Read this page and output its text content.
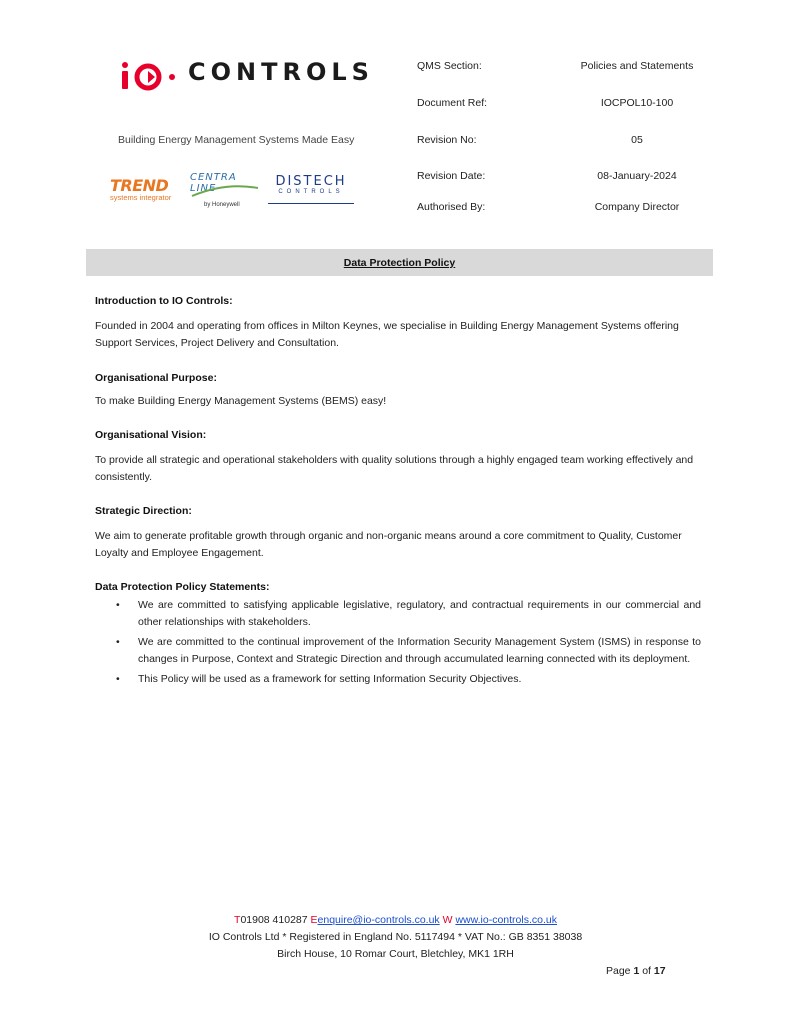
CONTROLS
Building Energy Management Systems Made Easy
TREND
systems integrator
CENTRA LINE
by Honeywell
DISTECH
CONTROLS
QMS Section:	Policies and Statements
Document Ref:	IOCPOL10-100
Revision No:	05
Revision Date:	08-January-2024
Authorised By:	Company Director
Data Protection Policy
Introduction to IO Controls:
Founded in 2004 and operating from offices in Milton Keynes, we specialise in Building Energy Management Systems offering Support Services, Project Delivery and Consultation.
Organisational Purpose:
To make Building Energy Management Systems (BEMS) easy!
Organisational Vision:
To provide all strategic and operational stakeholders with quality solutions through a highly engaged team working effectively and consistently.
Strategic Direction:
We aim to generate profitable growth through organic and non-organic means around a core commitment to Quality, Customer Loyalty and Employee Engagement.
Data Protection Policy Statements:
• We are committed to satisfying applicable legislative, regulatory, and contractual requirements in our commercial and other relationships with stakeholders.
• We are committed to the continual improvement of the Information Security Management System (ISMS) in response to changes in Purpose, Context and Strategic Direction and through accumulated learning connected with its deployment.
• This Policy will be used as a framework for setting Information Security Objectives.
T01908 410287 Eenquire@io-controls.co.uk W www.io-controls.co.uk
IO Controls Ltd * Registered in England No. 5117494 * VAT No.: GB 8351 38038
Birch House, 10 Romar Court, Bletchley, MK1 1RH
Page 1 of 17
